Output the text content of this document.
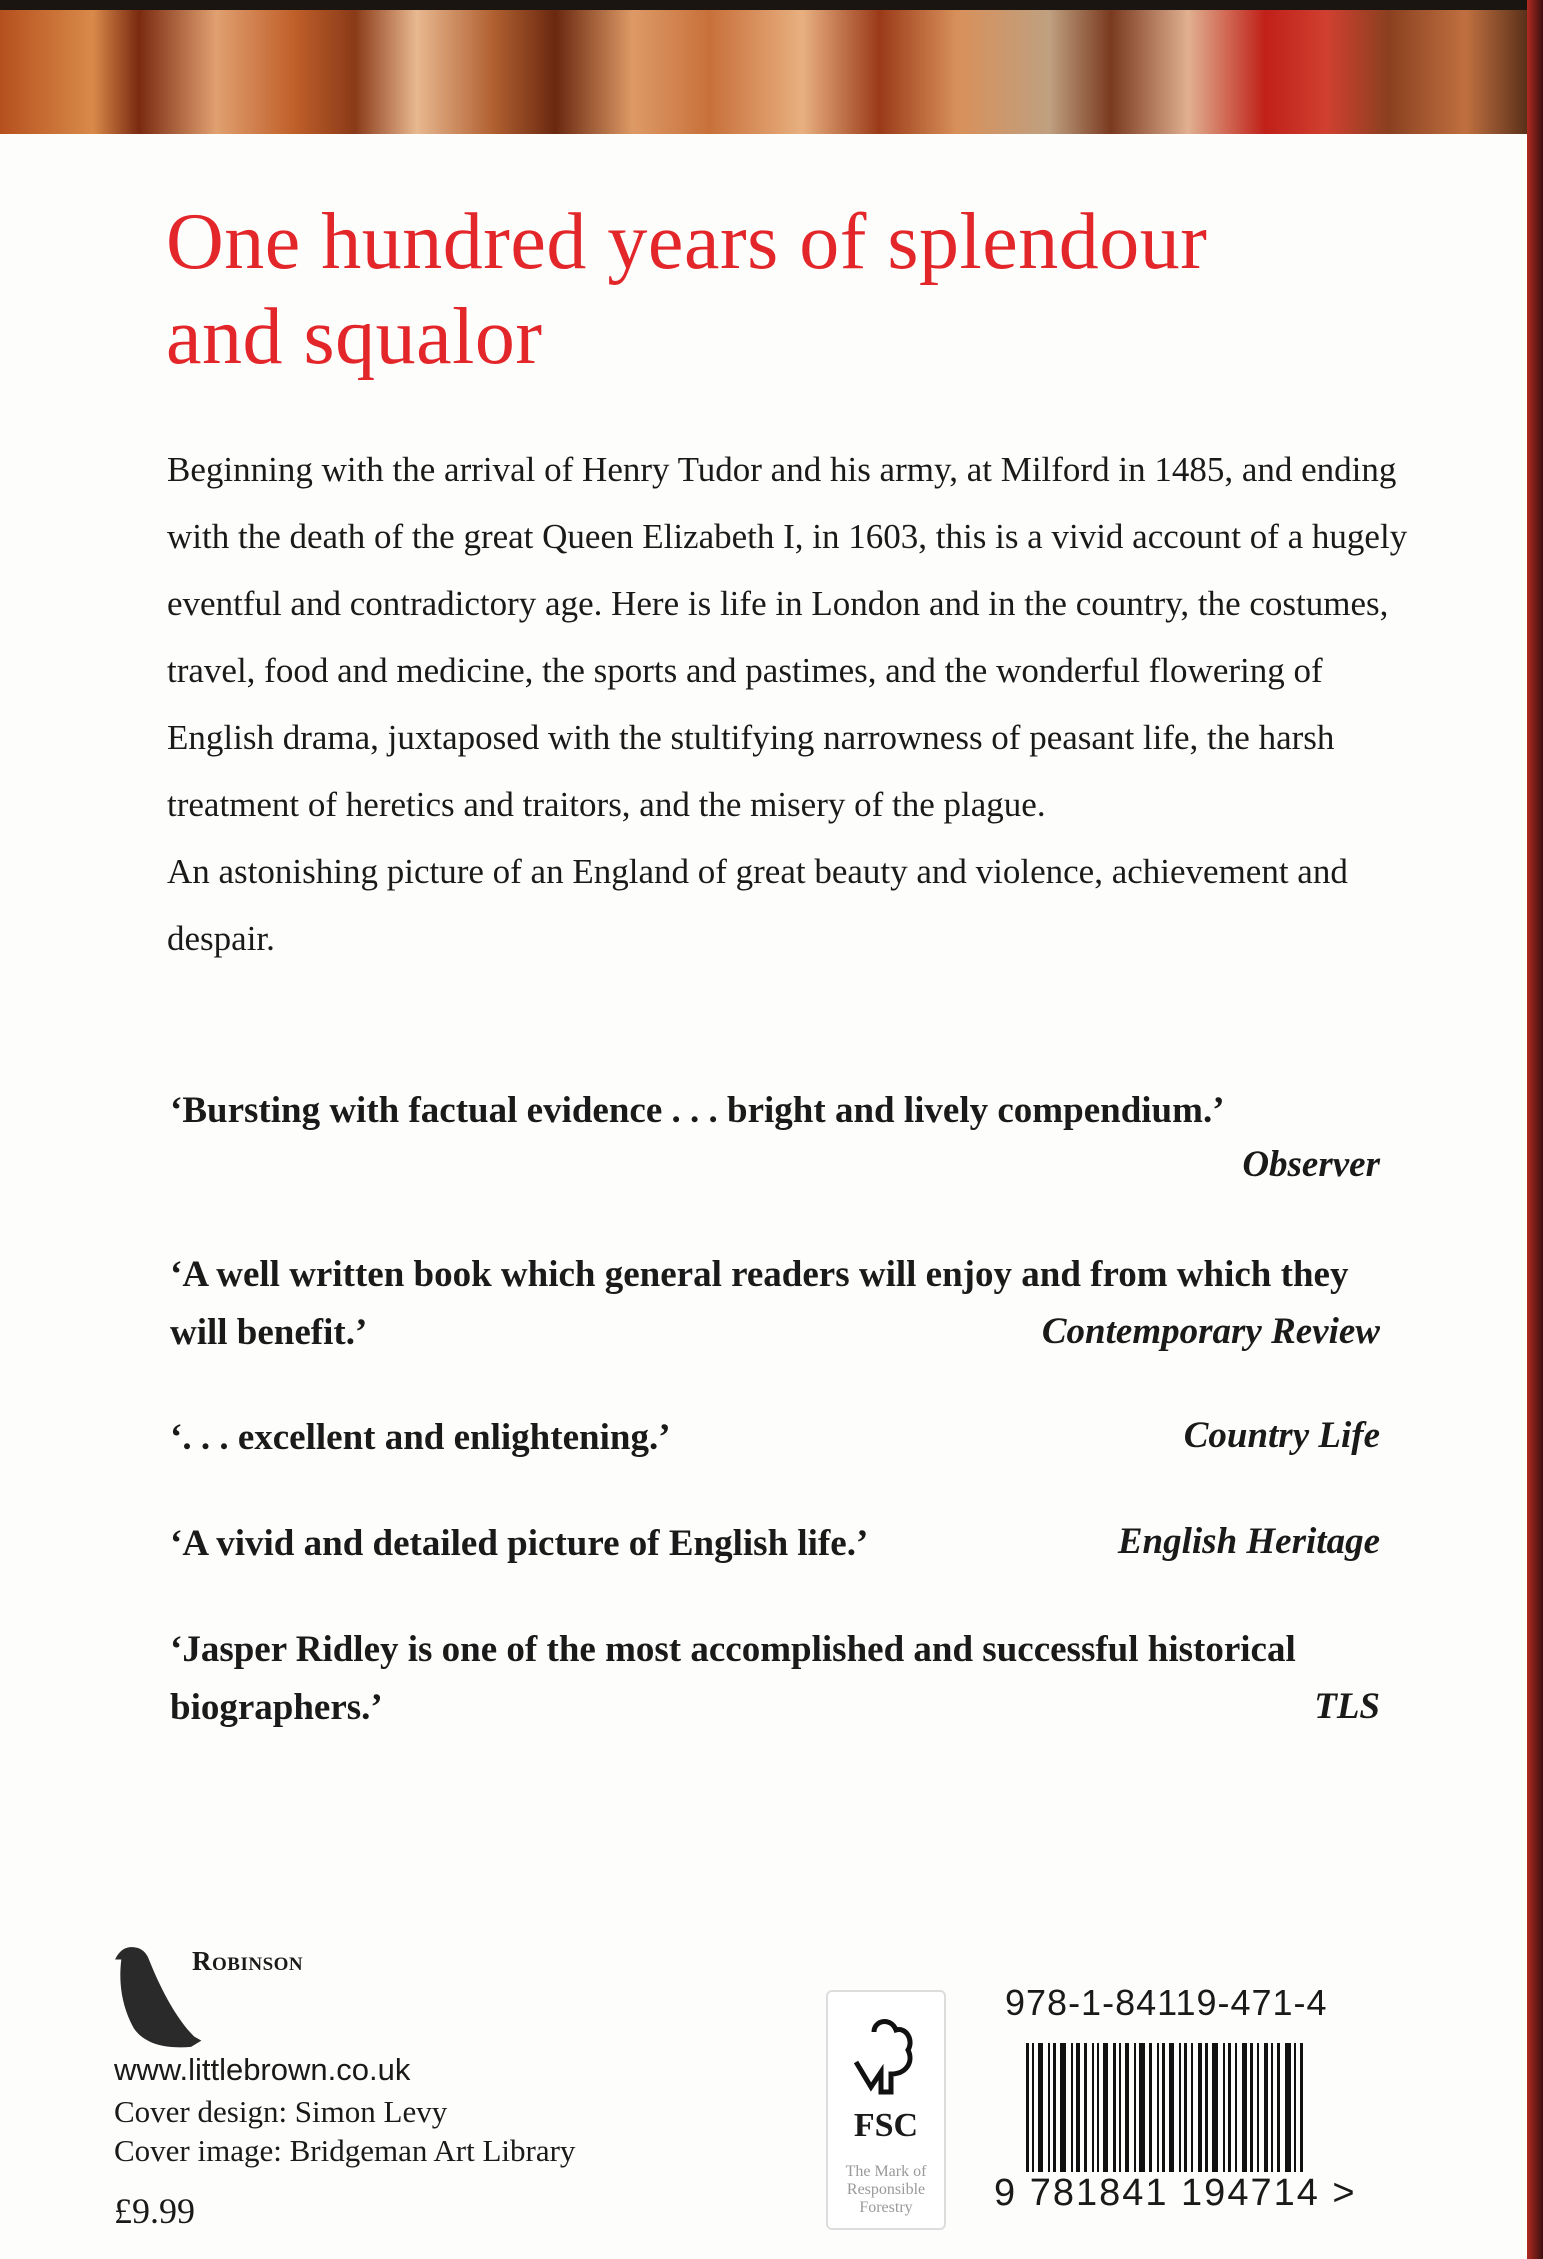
One hundred years of splendour
and squalor
Beginning with the arrival of Henry Tudor and his army, at Milford in 1485, and ending with the death of the great Queen Elizabeth I, in 1603, this is a vivid account of a hugely eventful and contradictory age. Here is life in London and in the country, the costumes, travel, food and medicine, the sports and pastimes, and the wonderful flowering of English drama, juxtaposed with the stultifying narrowness of peasant life, the harsh treatment of heretics and traitors, and the misery of the plague.
An astonishing picture of an England of great beauty and violence, achievement and despair.
‘Bursting with factual evidence . . . bright and lively compendium.’
Observer
‘A well written book which general readers will enjoy and from which they will benefit.’	Contemporary Review
‘. . . excellent and enlightening.’	Country Life
‘A vivid and detailed picture of English life.’	English Heritage
‘Jasper Ridley is one of the most accomplished and successful historical biographers.’	TLS
Robinson
www.littlebrown.co.uk
Cover design: Simon Levy
Cover image: Bridgeman Art Library
£9.99
FSC
The Mark of Responsible Forestry
978-1-84119-471-4
9 781841 194714 >
